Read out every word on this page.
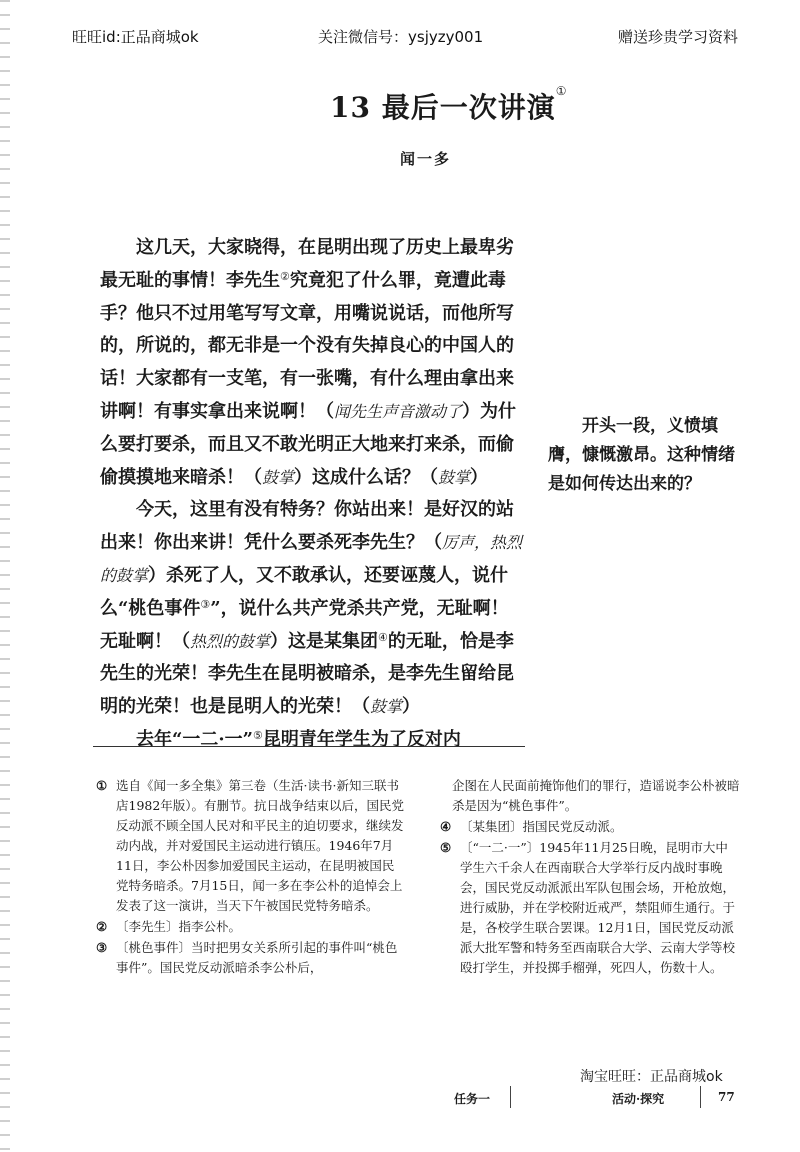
旺旺id:正品商城ok	关注微信号：ysjyzy001	赠送珍贵学习资料
13 最后一次讲演①
闻一多

这几天，大家晓得，在昆明出现了历史上最卑劣最无耻的事情！李先生②究竟犯了什么罪，竟遭此毒手？他只不过用笔写写文章，用嘴说说话，而他所写的，所说的，都无非是一个没有失掉良心的中国人的话！大家都有一支笔，有一张嘴，有什么理由拿出来讲啊！有事实拿出来说啊！（闻先生声音激动了）为什么要打要杀，而且又不敢光明正大地来打来杀，而偷偷摸摸地来暗杀！（鼓掌）这成什么话？（鼓掌）

今天，这里有没有特务？你站出来！是好汉的站出来！你出来讲！凭什么要杀死李先生？（厉声，热烈的鼓掌）杀死了人，又不敢承认，还要诬蔑人，说什么“桃色事件③”，说什么共产党杀共产党，无耻啊！无耻啊！（热烈的鼓掌）这是某集团④的无耻，恰是李先生的光荣！李先生在昆明被暗杀，是李先生留给昆明的光荣！也是昆明人的光荣！（鼓掌）

去年“一二·一”⑤昆明青年学生为了反对内

开头一段，义愤填膺，慷慨激昂。这种情绪是如何传达出来的？
① 选自《闻一多全集》第三卷（生活·读书·新知三联书店1982年版）。有删节。抗日战争结束以后，国民党反动派不顾全国人民对和平民主的迫切要求，继续发动内战，并对爱国民主运动进行镇压。1946年7月11日，李公朴因参加爱国民主运动，在昆明被国民党特务暗杀。7月15日，闻一多在李公朴的追悼会上发表了这一演讲，当天下午被国民党特务暗杀。
② 〔李先生〕指李公朴。
③ 〔桃色事件〕当时把男女关系所引起的事件叫“桃色事件”。国民党反动派暗杀李公朴后，
企图在人民面前掩饰他们的罪行，造谣说李公朴被暗杀是因为“桃色事件”。
④ 〔某集团〕指国民党反动派。
⑤ 〔“一二·一”〕1945年11月25日晚，昆明市大中学生六千余人在西南联合大学举行反内战时事晚会，国民党反动派派出军队包围会场，开枪放炮，进行威胁，并在学校附近戒严，禁阻师生通行。于是，各校学生联合罢课。12月1日，国民党反动派派大批军警和特务至西南联合大学、云南大学等校殴打学生，并投掷手榴弹，死四人，伤数十人。
淘宝旺旺：正品商城ok
任务一	活动·探究	77
